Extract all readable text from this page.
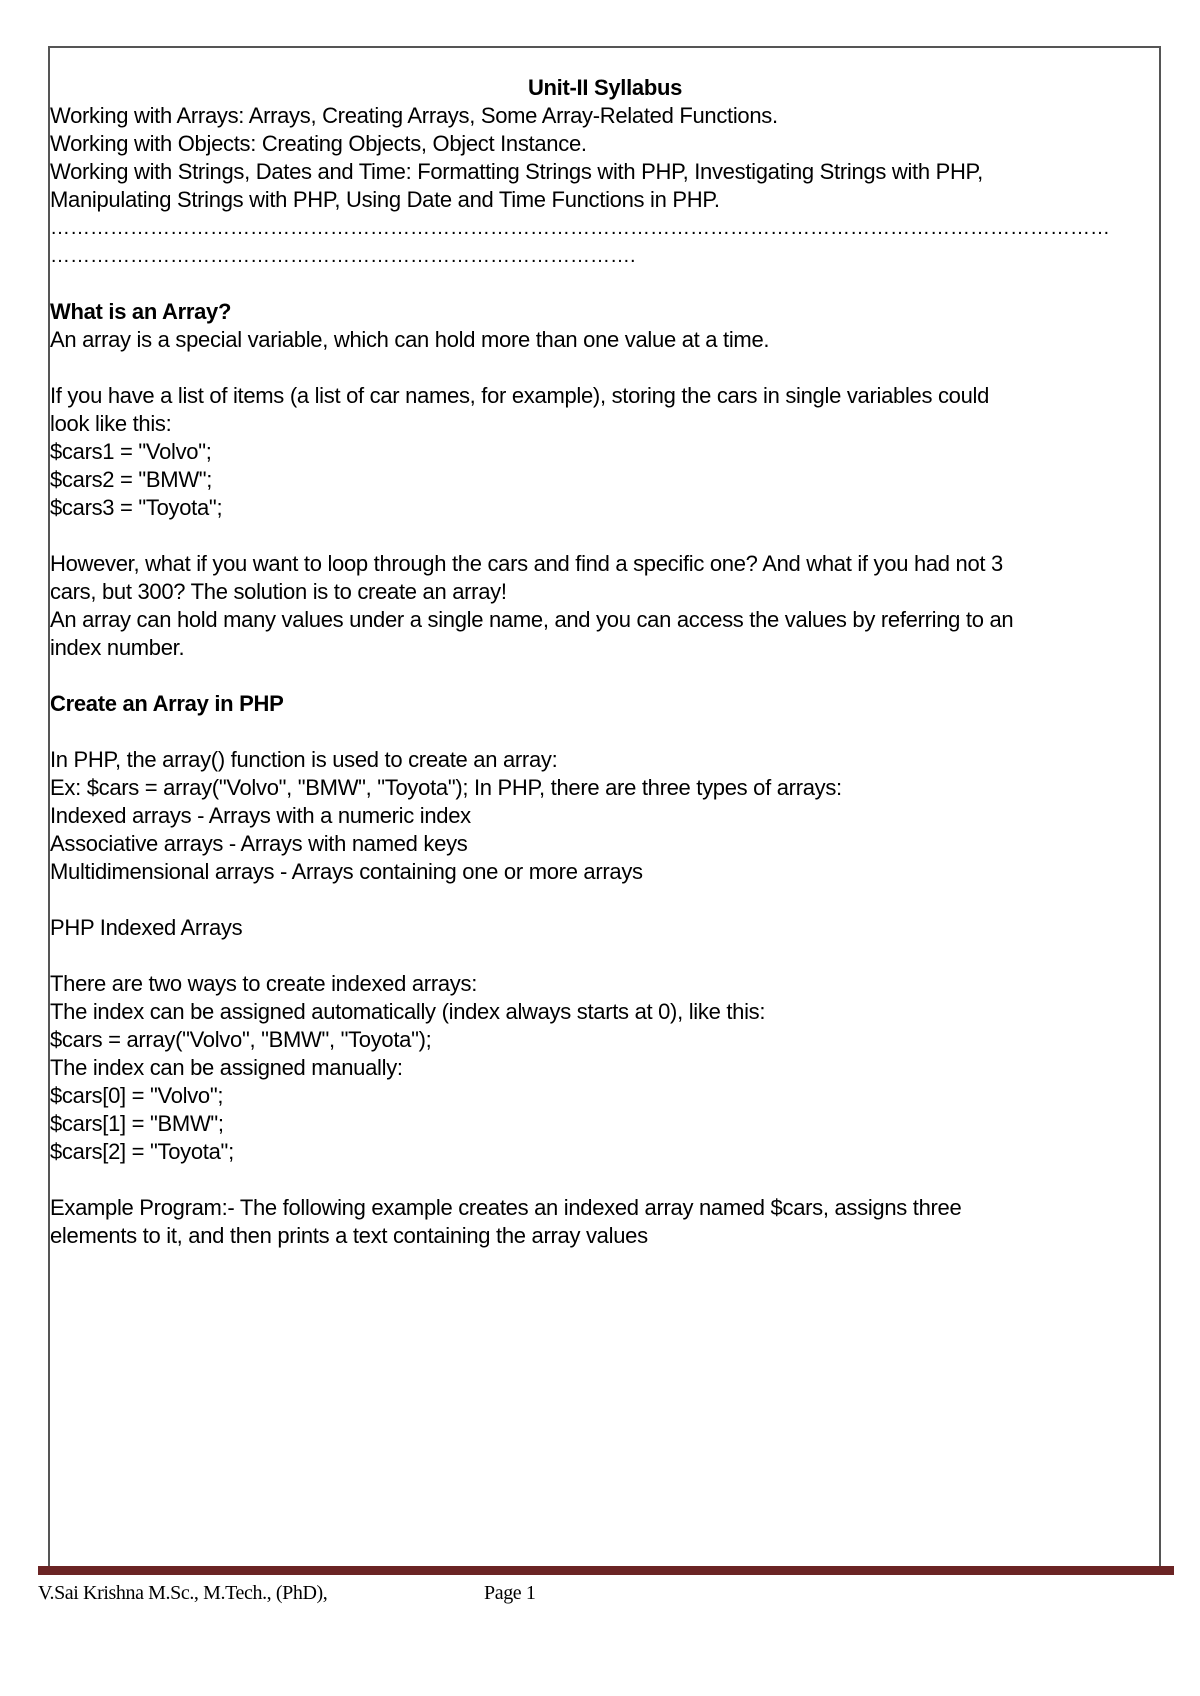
Unit-II Syllabus

Working with Arrays: Arrays, Creating Arrays, Some Array-Related Functions.

Working with Objects: Creating Objects, Object Instance.

Working with Strings, Dates and Time: Formatting Strings with PHP, Investigating Strings with PHP,

Manipulating Strings with PHP, Using Date and Time Functions in PHP.

……………………………………………………………………………………………………………………………………………

…………………………………………………………………………….

What is an Array?

An array is a special variable, which can hold more than one value at a time.

If you have a list of items (a list of car names, for example), storing the cars in single variables could

look like this:

$cars1 = "Volvo";

$cars2 = "BMW";

$cars3 = "Toyota";

However, what if you want to loop through the cars and find a specific one? And what if you had not 3

cars, but 300? The solution is to create an array!

An array can hold many values under a single name, and you can access the values by referring to an

index number.

Create an Array in PHP

In PHP, the array() function is used to create an array:

Ex: $cars = array("Volvo", "BMW", "Toyota"); In PHP, there are three types of arrays:

Indexed arrays - Arrays with a numeric index

Associative arrays - Arrays with named keys

Multidimensional arrays - Arrays containing one or more arrays

PHP Indexed Arrays

There are two ways to create indexed arrays:

The index can be assigned automatically (index always starts at 0), like this:

$cars = array("Volvo", "BMW", "Toyota");

The index can be assigned manually:

$cars[0] = "Volvo";

$cars[1] = "BMW";

$cars[2] = "Toyota";

Example Program:- The following example creates an indexed array named $cars, assigns three

elements to it, and then prints a text containing the array values

V.Sai Krishna M.Sc., M.Tech., (PhD),	Page 1
